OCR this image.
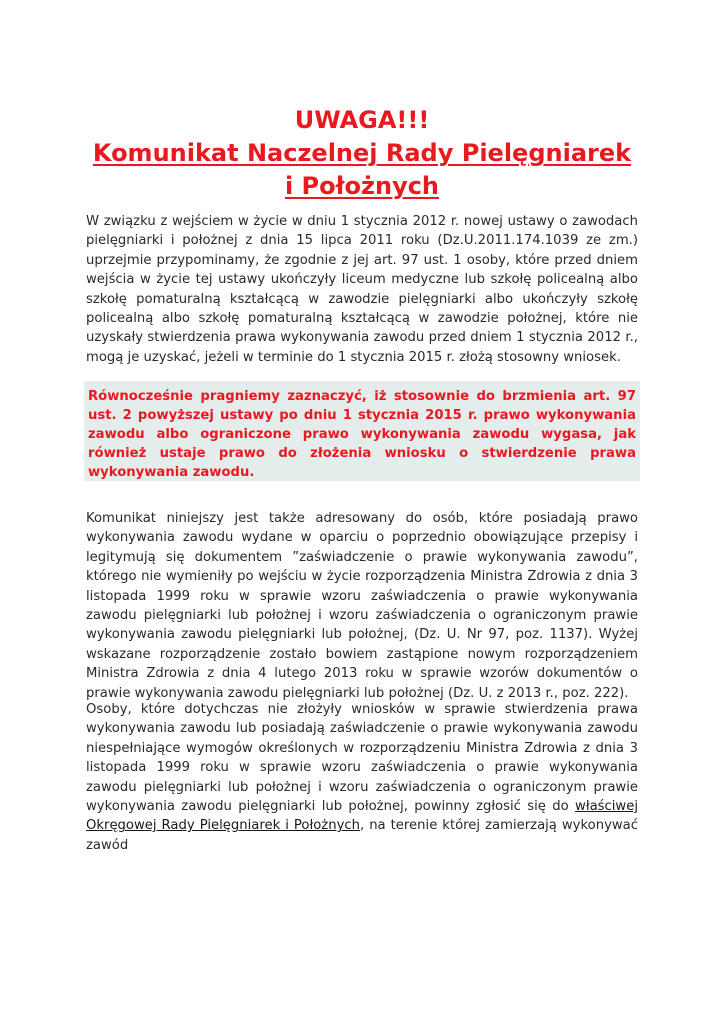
UWAGA!!!
Komunikat Naczelnej Rady Pielęgniarek
i Położnych

W związku z wejściem w życie w dniu 1 stycznia 2012 r. nowej ustawy o zawodach pielęgniarki i położnej z dnia 15 lipca 2011 roku (Dz.U.2011.174.1039 ze zm.) uprzejmie przypominamy, że zgodnie z jej art. 97 ust. 1 osoby, które przed dniem wejścia w życie tej ustawy ukończyły liceum medyczne lub szkołę policealną albo szkołę pomaturalną kształcącą w zawodzie pielęgniarki albo ukończyły szkołę policealną albo szkołę pomaturalną kształcącą w zawodzie położnej, które nie uzyskały stwierdzenia prawa wykonywania zawodu przed dniem 1 stycznia 2012 r., mogą je uzyskać, jeżeli w terminie do 1 stycznia 2015 r. złożą stosowny wniosek.

Równocześnie pragniemy zaznaczyć, iż stosownie do brzmienia art. 97 ust. 2 powyższej ustawy po dniu 1 stycznia 2015 r. prawo wykonywania zawodu albo ograniczone prawo wykonywania zawodu wygasa, jak również ustaje prawo do złożenia wniosku o stwierdzenie prawa wykonywania zawodu.

Komunikat niniejszy jest także adresowany do osób, które posiadają prawo wykonywania zawodu wydane w oparciu o poprzednio obowiązujące przepisy i legitymują się dokumentem ”zaświadczenie o prawie wykonywania zawodu”, którego nie wymieniły po wejściu w życie rozporządzenia Ministra Zdrowia z dnia 3 listopada 1999 roku w sprawie wzoru zaświadczenia o prawie wykonywania zawodu pielęgniarki lub położnej i wzoru zaświadczenia o ograniczonym prawie wykonywania zawodu pielęgniarki lub położnej, (Dz. U. Nr 97, poz. 1137). Wyżej wskazane rozporządzenie zostało bowiem zastąpione nowym rozporządzeniem Ministra Zdrowia z dnia 4 lutego 2013 roku w sprawie wzorów dokumentów o prawie wykonywania zawodu pielęgniarki lub położnej (Dz. U. z 2013 r., poz. 222).

Osoby, które dotychczas nie złożyły wniosków w sprawie stwierdzenia prawa wykonywania zawodu lub posiadają zaświadczenie o prawie wykonywania zawodu niespełniające wymogów określonych w rozporządzeniu Ministra Zdrowia z dnia 3 listopada 1999 roku w sprawie wzoru zaświadczenia o prawie wykonywania zawodu pielęgniarki lub położnej i wzoru zaświadczenia o ograniczonym prawie wykonywania zawodu pielęgniarki lub położnej, powinny zgłosić się do właściwej Okręgowej Rady Pielęgniarek i Położnych, na terenie której zamierzają wykonywać zawód
